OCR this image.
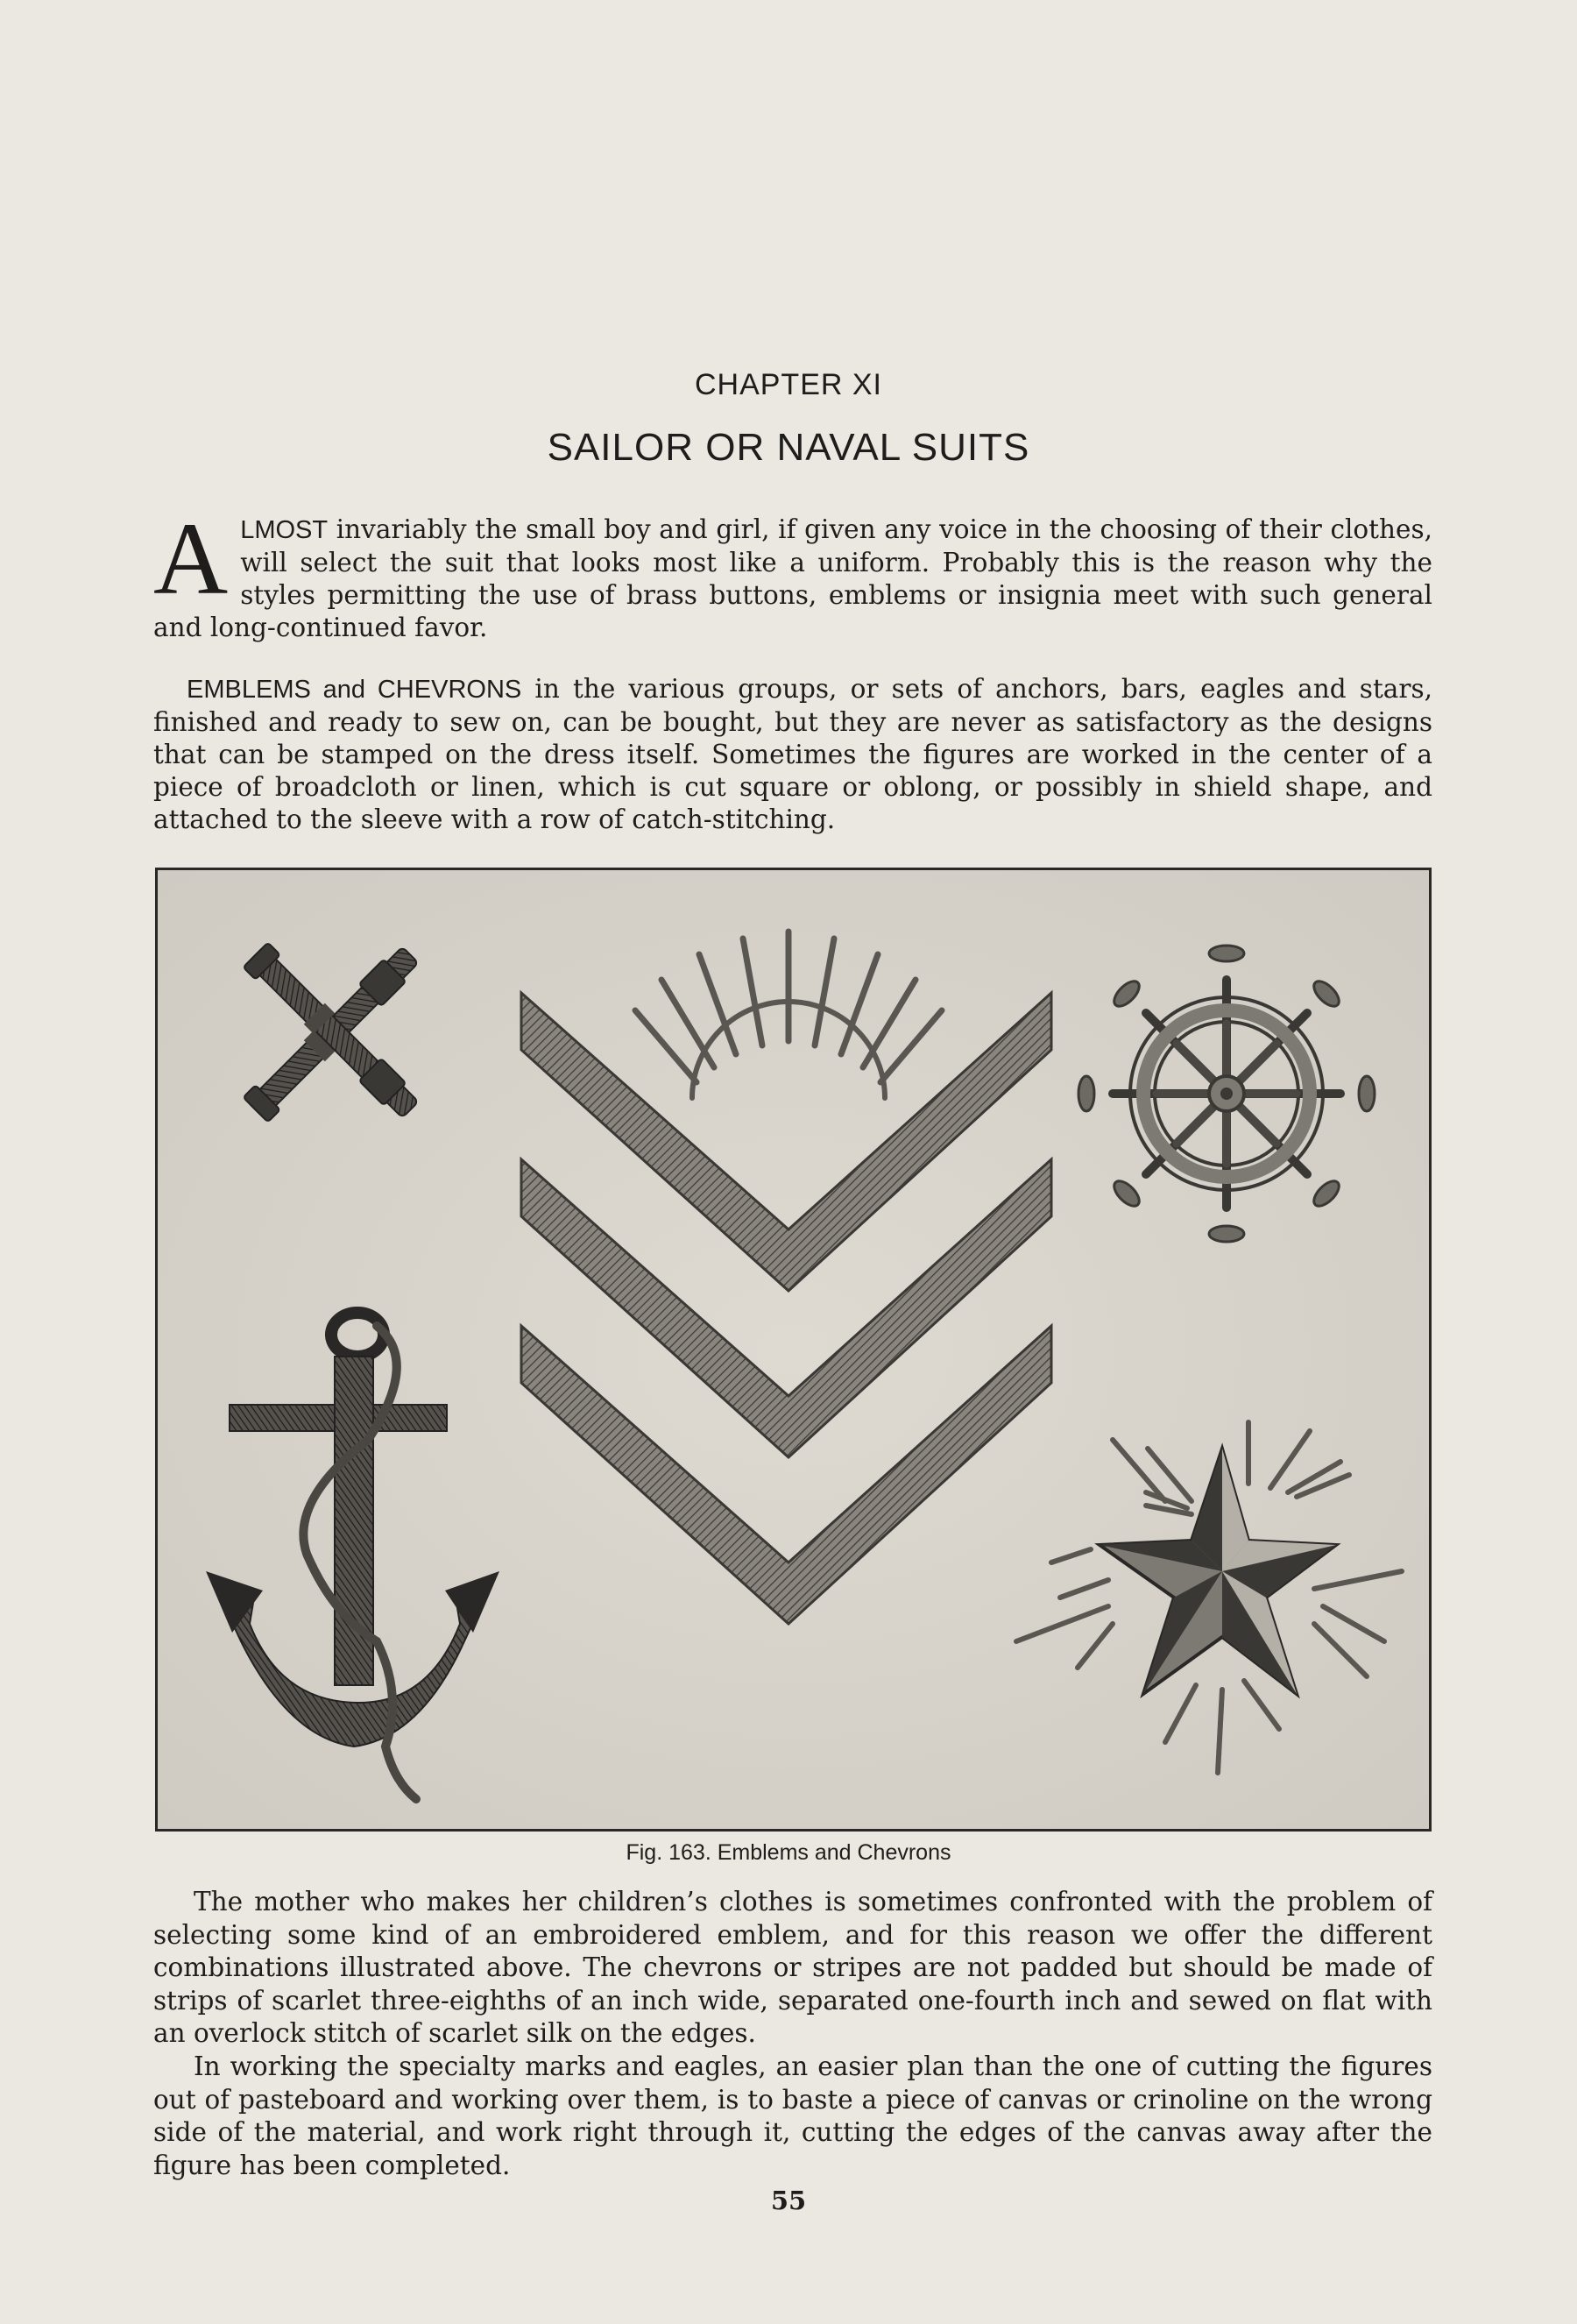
CHAPTER XI
SAILOR OR NAVAL SUITS
ALMOST invariably the small boy and girl, if given any voice in the choosing of their clothes, will select the suit that looks most like a uniform. Probably this is the reason why the styles permitting the use of brass buttons, emblems or insignia meet with such general and long-continued favor.
EMBLEMS and CHEVRONS in the various groups, or sets of anchors, bars, eagles and stars, finished and ready to sew on, can be bought, but they are never as satisfactory as the designs that can be stamped on the dress itself. Sometimes the figures are worked in the center of a piece of broadcloth or linen, which is cut square or oblong, or possibly in shield shape, and attached to the sleeve with a row of catch-stitching.
Fig. 163. Emblems and Chevrons
The mother who makes her children’s clothes is sometimes confronted with the problem of selecting some kind of an embroidered emblem, and for this reason we offer the different combinations illustrated above. The chevrons or stripes are not padded but should be made of strips of scarlet three-eighths of an inch wide, separated one-fourth inch and sewed on flat with an overlock stitch of scarlet silk on the edges.
In working the specialty marks and eagles, an easier plan than the one of cutting the figures out of pasteboard and working over them, is to baste a piece of canvas or crinoline on the wrong side of the material, and work right through it, cutting the edges of the canvas away after the figure has been completed.
55
